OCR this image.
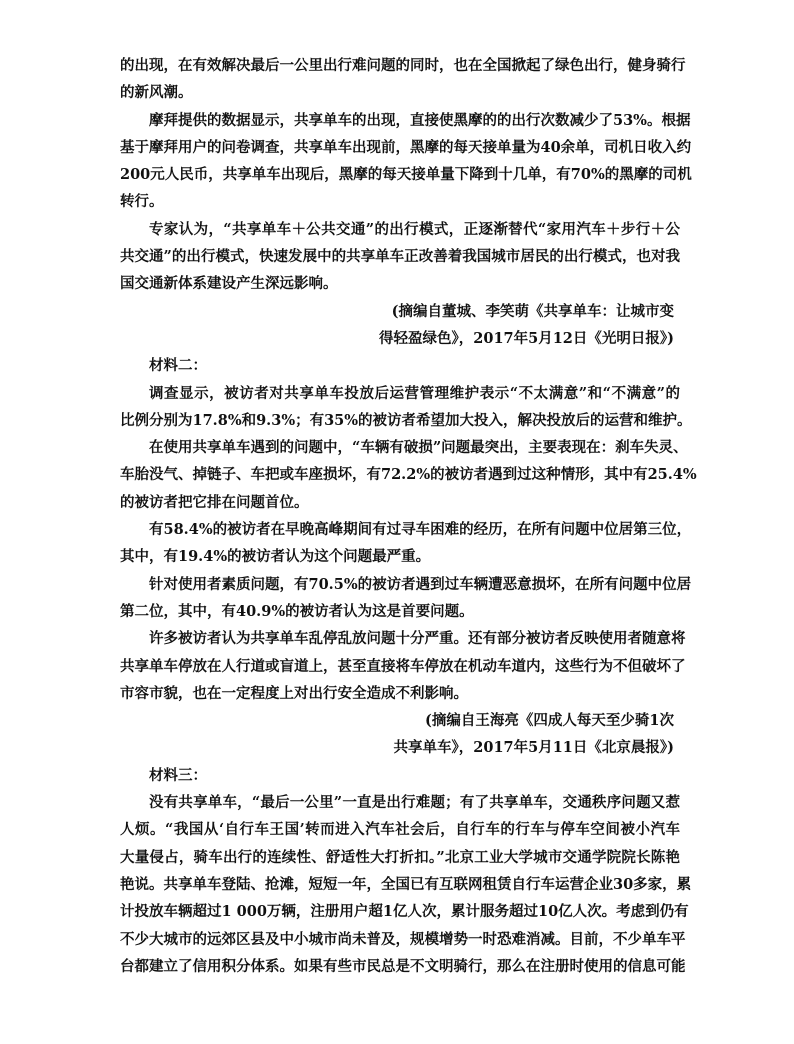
的出现，在有效解决最后一公里出行难问题的同时，也在全国掀起了绿色出行，健身骑行
的新风潮。
摩拜提供的数据显示，共享单车的出现，直接使黑摩的的出行次数减少了53%。根据
基于摩拜用户的问卷调查，共享单车出现前，黑摩的每天接单量为40余单，司机日收入约
200元人民币，共享单车出现后，黑摩的每天接单量下降到十几单，有70%的黑摩的司机
转行。
专家认为，“共享单车＋公共交通”的出行模式，正逐渐替代“家用汽车＋步行＋公
共交通”的出行模式，快速发展中的共享单车正改善着我国城市居民的出行模式，也对我
国交通新体系建设产生深远影响。
(摘编自董城、李笑萌《共享单车：让城市变
得轻盈绿色》，2017年5月12日《光明日报》)
材料二：
调查显示，被访者对共享单车投放后运营管理维护表示“不太满意”和“不满意”的
比例分别为17.8%和9.3%；有35%的被访者希望加大投入，解决投放后的运营和维护。
在使用共享单车遇到的问题中，“车辆有破损”问题最突出，主要表现在：刹车失灵、
车胎没气、掉链子、车把或车座损坏，有72.2%的被访者遇到过这种情形，其中有25.4%
的被访者把它排在问题首位。
有58.4%的被访者在早晚高峰期间有过寻车困难的经历，在所有问题中位居第三位，
其中，有19.4%的被访者认为这个问题最严重。
针对使用者素质问题，有70.5%的被访者遇到过车辆遭恶意损坏，在所有问题中位居
第二位，其中，有40.9%的被访者认为这是首要问题。
许多被访者认为共享单车乱停乱放问题十分严重。还有部分被访者反映使用者随意将
共享单车停放在人行道或盲道上，甚至直接将车停放在机动车道内，这些行为不但破坏了
市容市貌，也在一定程度上对出行安全造成不利影响。
(摘编自王海亮《四成人每天至少骑1次
共享单车》，2017年5月11日《北京晨报》)
材料三：
没有共享单车，“最后一公里”一直是出行难题；有了共享单车，交通秩序问题又惹
人烦。“我国从‘自行车王国’转而进入汽车社会后，自行车的行车与停车空间被小汽车
大量侵占，骑车出行的连续性、舒适性大打折扣。”北京工业大学城市交通学院院长陈艳
艳说。共享单车登陆、抢滩，短短一年，全国已有互联网租赁自行车运营企业30多家，累
计投放车辆超过1 000万辆，注册用户超1亿人次，累计服务超过10亿人次。考虑到仍有
不少大城市的远郊区县及中小城市尚未普及，规模增势一时恐难消减。目前，不少单车平
台都建立了信用积分体系。如果有些市民总是不文明骑行，那么在注册时使用的信息可能
